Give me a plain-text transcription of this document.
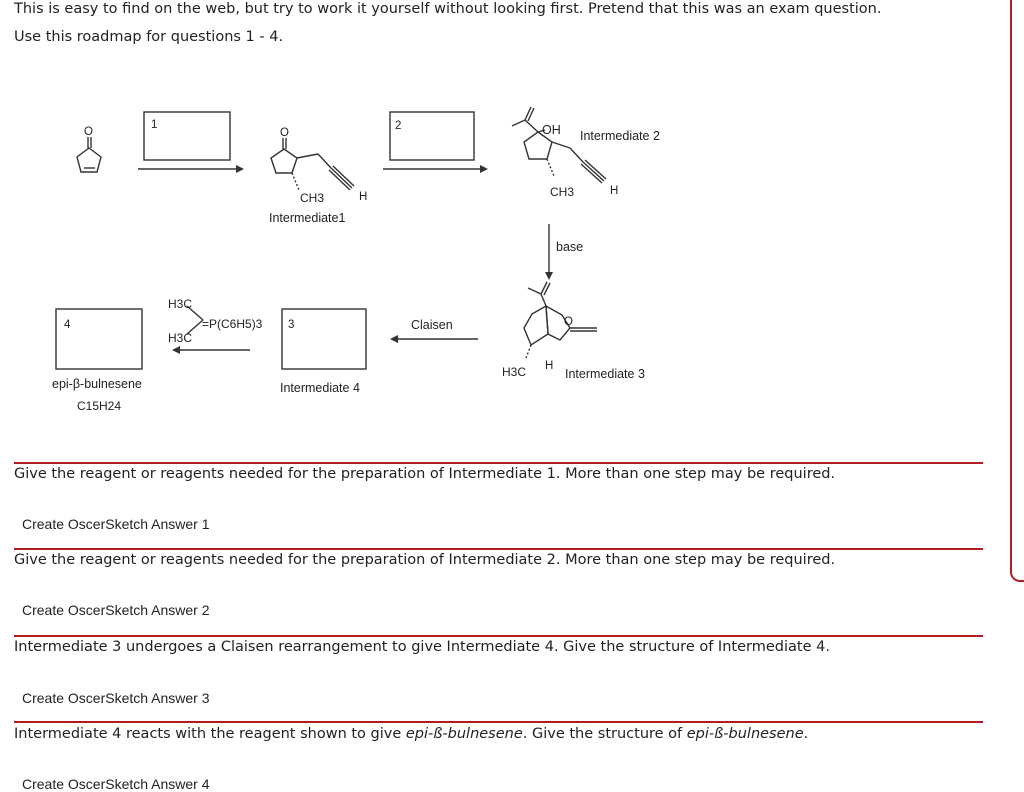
This is easy to find on the web, but try to work it yourself without looking first. Pretend that this was an exam question.
Use this roadmap for questions 1 - 4.
1	2
3
4
O	O
O
OH
CH3	CH3
H	H
H
H3C
H3C
H3C
=P(C6H5)3
Intermediate1
Intermediate 2
Intermediate 3
Intermediate 4
base
Claisen
epi-β-bulnesene
C15H24
Give the reagent or reagents needed for the preparation of Intermediate 1. More than one step may be required.
Create OscerSketch Answer 1
Give the reagent or reagents needed for the preparation of Intermediate 2. More than one step may be required.
Create OscerSketch Answer 2
Intermediate 3 undergoes a Claisen rearrangement to give Intermediate 4. Give the structure of Intermediate 4.
Create OscerSketch Answer 3
Intermediate 4 reacts with the reagent shown to give epi-ß-bulnesene. Give the structure of epi-ß-bulnesene.
Create OscerSketch Answer 4
